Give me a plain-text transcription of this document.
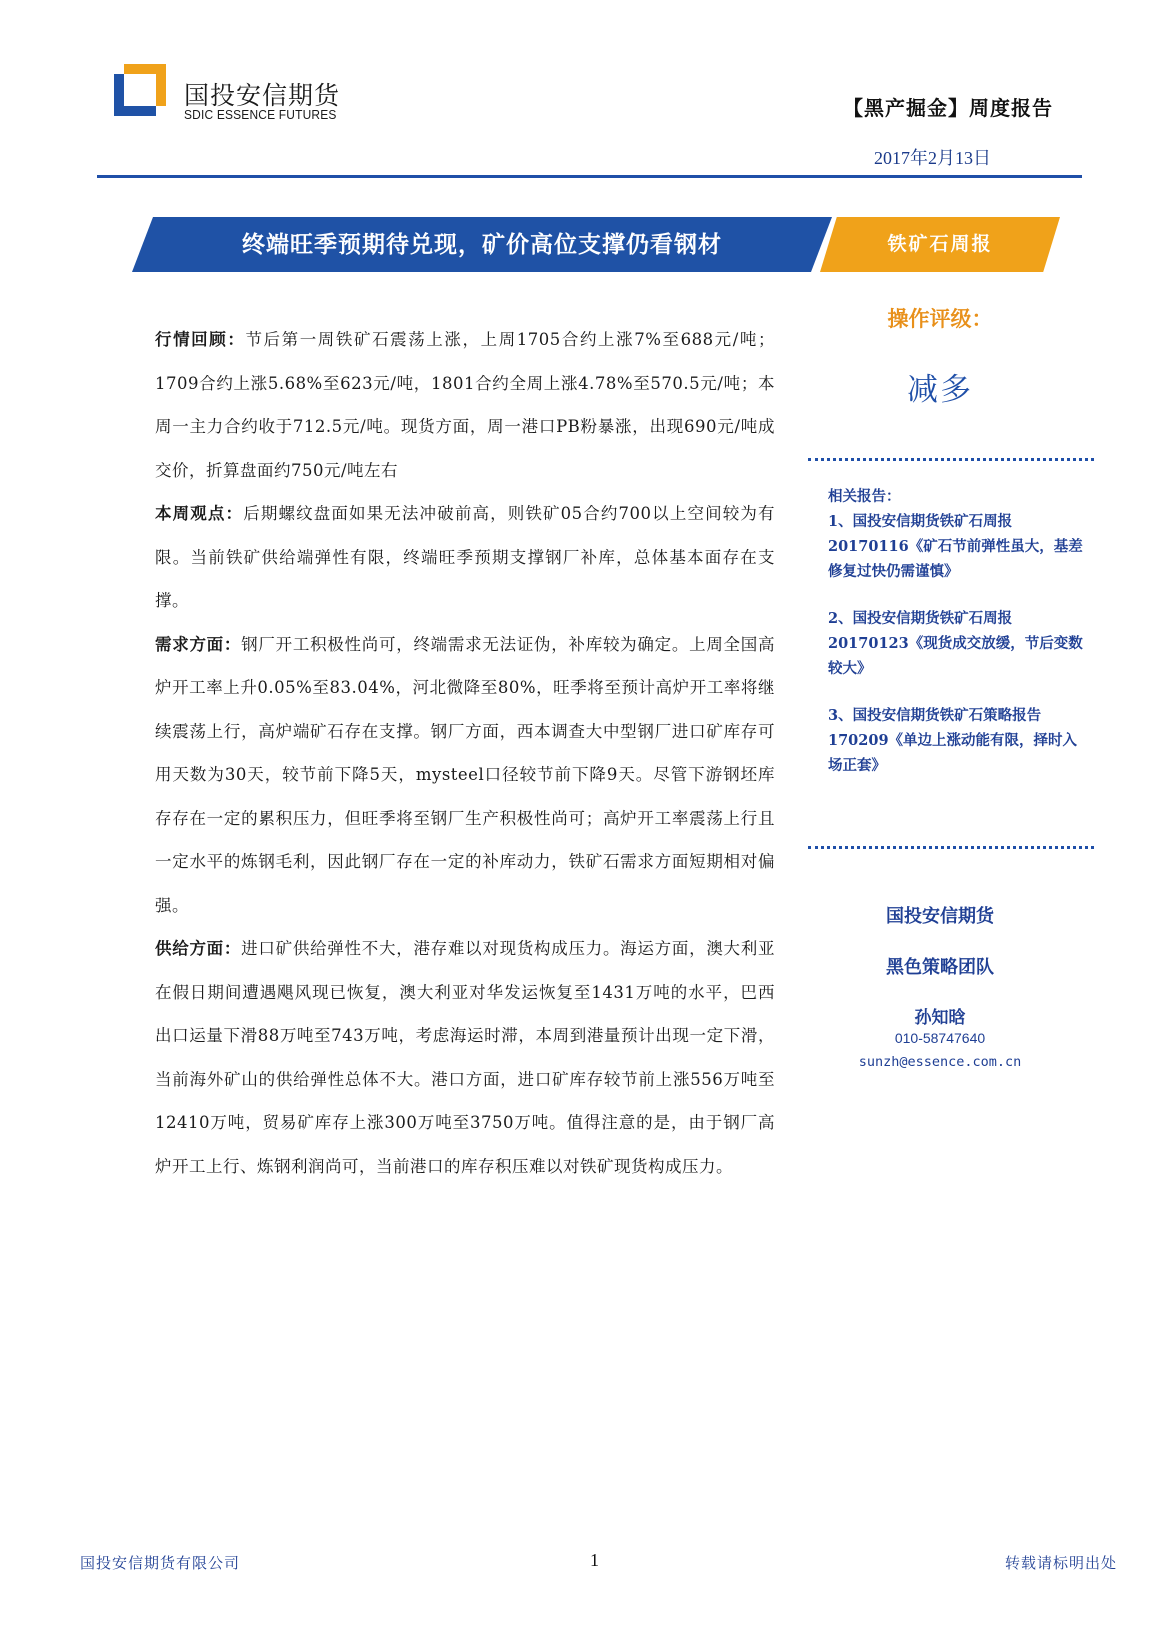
国投安信期货
SDIC ESSENCE FUTURES	【黑产掘金】周度报告
2017年2月13日
终端旺季预期待兑现，矿价高位支撑仍看钢材	铁矿石周报

行情回顾：节后第一周铁矿石震荡上涨，上周1705合约上涨7%至688元/吨；1709合约上涨5.68%至623元/吨，1801合约全周上涨4.78%至570.5元/吨；本周一主力合约收于712.5元/吨。现货方面，周一港口PB粉暴涨，出现690元/吨成交价，折算盘面约750元/吨左右

本周观点：后期螺纹盘面如果无法冲破前高，则铁矿05合约700以上空间较为有限。当前铁矿供给端弹性有限，终端旺季预期支撑钢厂补库，总体基本面存在支撑。

需求方面：钢厂开工积极性尚可，终端需求无法证伪，补库较为确定。上周全国高炉开工率上升0.05%至83.04%，河北微降至80%，旺季将至预计高炉开工率将继续震荡上行，高炉端矿石存在支撑。钢厂方面，西本调查大中型钢厂进口矿库存可用天数为30天，较节前下降5天，mysteel口径较节前下降9天。尽管下游钢坯库存存在一定的累积压力，但旺季将至钢厂生产积极性尚可；高炉开工率震荡上行且一定水平的炼钢毛利，因此钢厂存在一定的补库动力，铁矿石需求方面短期相对偏强。

供给方面：进口矿供给弹性不大，港存难以对现货构成压力。海运方面，澳大利亚在假日期间遭遇飓风现已恢复，澳大利亚对华发运恢复至1431万吨的水平，巴西出口运量下滑88万吨至743万吨，考虑海运时滞，本周到港量预计出现一定下滑，当前海外矿山的供给弹性总体不大。港口方面，进口矿库存较节前上涨556万吨至12410万吨，贸易矿库存上涨300万吨至3750万吨。值得注意的是，由于钢厂高炉开工上行、炼钢利润尚可，当前港口的库存积压难以对铁矿现货构成压力。

操作评级：
减多
相关报告：
1、国投安信期货铁矿石周报20170116《矿石节前弹性虽大，基差修复过快仍需谨慎》
2、国投安信期货铁矿石周报20170123《现货成交放缓，节后变数较大》
3、国投安信期货铁矿石策略报告170209《单边上涨动能有限，择时入场正套》
国投安信期货
黑色策略团队
孙知晗
010-58747640
sunzh@essence.com.cn
国投安信期货有限公司	1	转载请标明出处
